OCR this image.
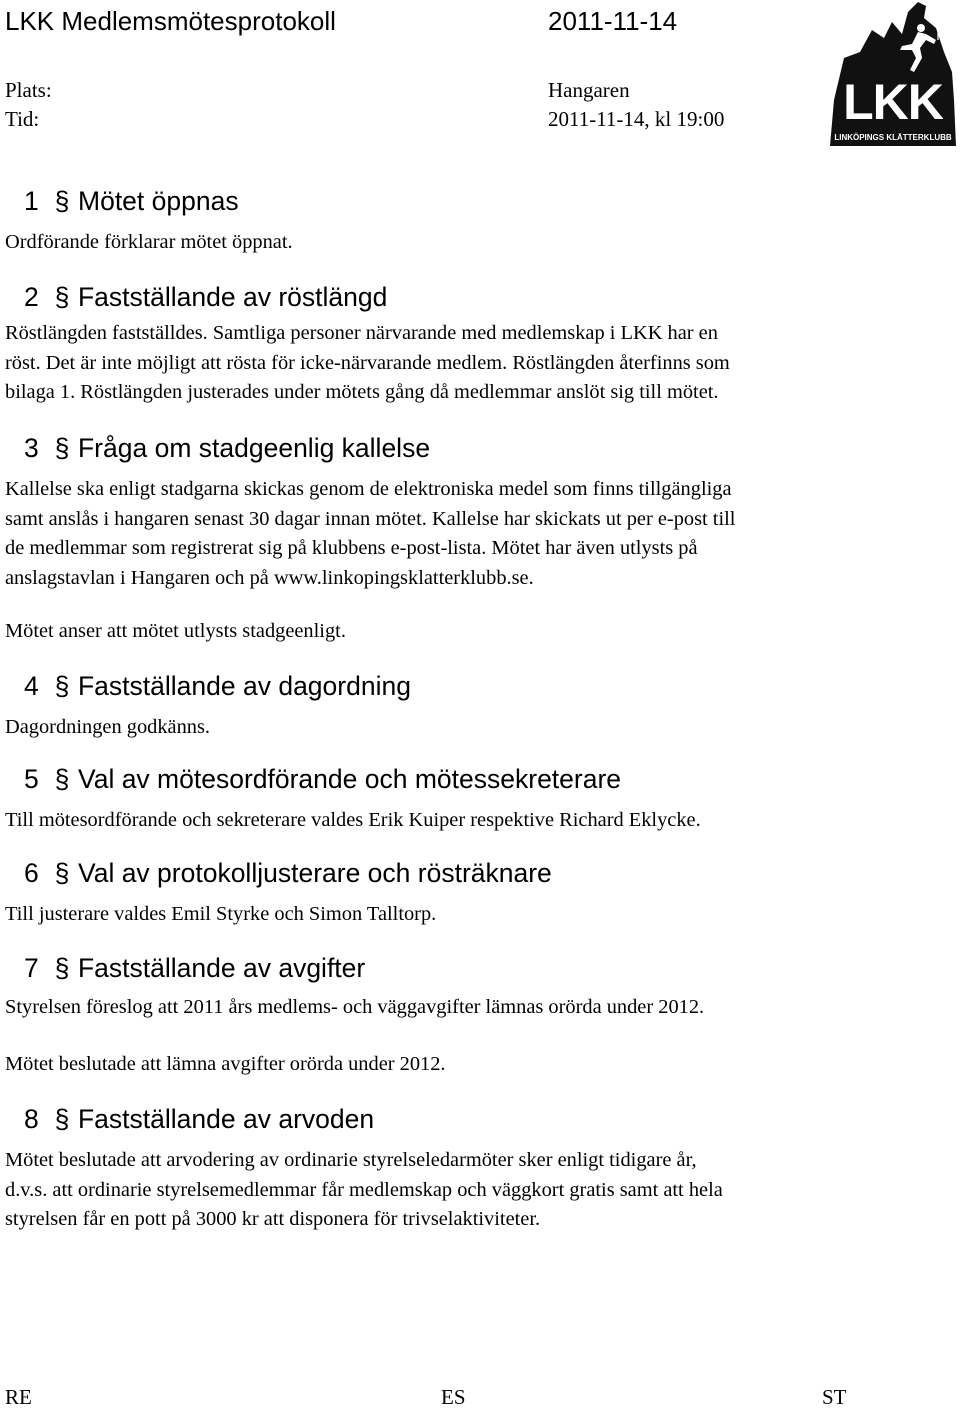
LKK Medlemsmötesprotokoll	2011-11-14
Plats:	Hangaren
Tid:	2011-11-14, kl 19:00	LKK
LINKÖPINGS KLÄTTERKLUBB
1 § Mötet öppnas
Ordförande förklarar mötet öppnat.
2 § Fastställande av röstlängd
Röstlängden fastställdes. Samtliga personer närvarande med medlemskap i LKK har en
röst. Det är inte möjligt att rösta för icke-närvarande medlem. Röstlängden återfinns som
bilaga 1. Röstlängden justerades under mötets gång då medlemmar anslöt sig till mötet.
3 § Fråga om stadgeenlig kallelse
Kallelse ska enligt stadgarna skickas genom de elektroniska medel som finns tillgängliga
samt anslås i hangaren senast 30 dagar innan mötet. Kallelse har skickats ut per e-post till
de medlemmar som registrerat sig på klubbens e-post-lista. Mötet har även utlysts på
anslagstavlan i Hangaren och på www.linkopingsklatterklubb.se.
Mötet anser att mötet utlysts stadgeenligt.
4 § Fastställande av dagordning
Dagordningen godkänns.
5 § Val av mötesordförande och mötessekreterare
Till mötesordförande och sekreterare valdes Erik Kuiper respektive Richard Eklycke.
6 § Val av protokolljusterare och rösträknare
Till justerare valdes Emil Styrke och Simon Talltorp.
7 § Fastställande av avgifter
Styrelsen föreslog att 2011 års medlems- och väggavgifter lämnas orörda under 2012.
Mötet beslutade att lämna avgifter orörda under 2012.
8 § Fastställande av arvoden
Mötet beslutade att arvodering av ordinarie styrelseledarmöter sker enligt tidigare år,
d.v.s. att ordinarie styrelsemedlemmar får medlemskap och väggkort gratis samt att hela
styrelsen får en pott på 3000 kr att disponera för trivselaktiviteter.
RE	ES	ST
